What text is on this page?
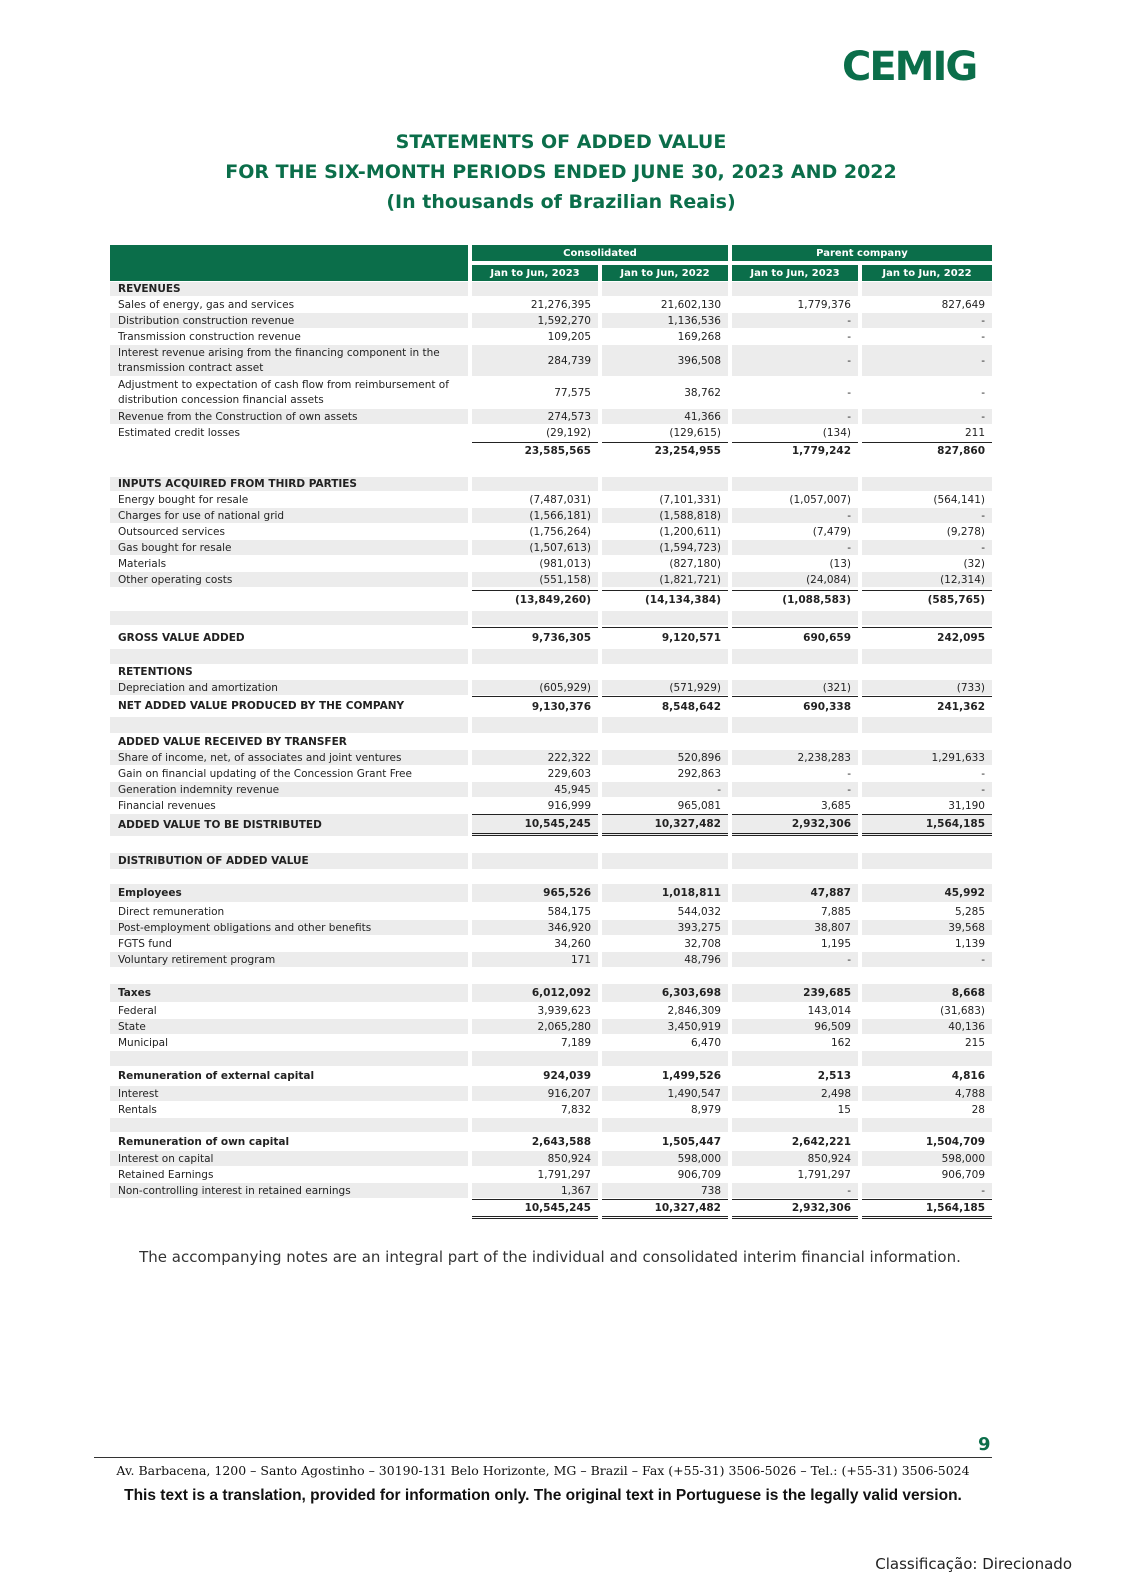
CEMIG
STATEMENTS OF ADDED VALUE
FOR THE SIX-MONTH PERIODS ENDED JUNE 30, 2023 AND 2022
(In thousands of Brazilian Reais)
Consolidated	Parent company
Jan to Jun, 2023	Jan to Jun, 2022	Jan to Jun, 2023	Jan to Jun, 2022
REVENUES
Sales of energy, gas and services	21,276,395	21,602,130	1,779,376	827,649
Distribution construction revenue	1,592,270	1,136,536	-	-
Transmission construction revenue	109,205	169,268	-	-
Interest revenue arising from the financing component in the transmission contract asset
284,739	396,508	-	-
Adjustment to expectation of cash flow from reimbursement of distribution concession financial assets
77,575	38,762	-	-
Revenue from the Construction of own assets	274,573	41,366	-	-
Estimated credit losses	(29,192)	(129,615)	(134)	211
23,585,565	23,254,955	1,779,242	827,860
INPUTS ACQUIRED FROM THIRD PARTIES
Energy bought for resale	(7,487,031)	(7,101,331)	(1,057,007)	(564,141)
Charges for use of national grid	(1,566,181)	(1,588,818)	-	-
Outsourced services	(1,756,264)	(1,200,611)	(7,479)	(9,278)
Gas bought for resale	(1,507,613)	(1,594,723)	-	-
Materials	(981,013)	(827,180)	(13)	(32)
Other operating costs	(551,158)	(1,821,721)	(24,084)	(12,314)
(13,849,260)	(14,134,384)	(1,088,583)	(585,765)
GROSS VALUE ADDED	9,736,305	9,120,571	690,659	242,095
RETENTIONS
Depreciation and amortization	(605,929)	(571,929)	(321)	(733)
NET ADDED VALUE PRODUCED BY THE COMPANY	9,130,376	8,548,642	690,338	241,362
ADDED VALUE RECEIVED BY TRANSFER
Share of income, net, of associates and joint ventures	222,322	520,896	2,238,283	1,291,633
Gain on financial updating of the Concession Grant Free	229,603	292,863	-	-
Generation indemnity revenue	45,945	-	-	-
Financial revenues	916,999	965,081	3,685	31,190
ADDED VALUE TO BE DISTRIBUTED	10,545,245	10,327,482	2,932,306	1,564,185
DISTRIBUTION OF ADDED VALUE
Employees	965,526	1,018,811	47,887	45,992
Direct remuneration	584,175	544,032	7,885	5,285
Post-employment obligations and other benefits	346,920	393,275	38,807	39,568
FGTS fund	34,260	32,708	1,195	1,139
Voluntary retirement program	171	48,796	-	-
Taxes	6,012,092	6,303,698	239,685	8,668
Federal	3,939,623	2,846,309	143,014	(31,683)
State	2,065,280	3,450,919	96,509	40,136
Municipal	7,189	6,470	162	215
Remuneration of external capital	924,039	1,499,526	2,513	4,816
Interest	916,207	1,490,547	2,498	4,788
Rentals	7,832	8,979	15	28
Remuneration of own capital	2,643,588	1,505,447	2,642,221	1,504,709
Interest on capital	850,924	598,000	850,924	598,000
Retained Earnings	1,791,297	906,709	1,791,297	906,709
Non-controlling interest in retained earnings	1,367	738	-	-
10,545,245	10,327,482	2,932,306	1,564,185
The accompanying notes are an integral part of the individual and consolidated interim financial information.
9
Av. Barbacena, 1200 – Santo Agostinho – 30190-131 Belo Horizonte, MG – Brazil – Fax (+55-31) 3506-5026 – Tel.: (+55-31) 3506-5024
This text is a translation, provided for information only. The original text in Portuguese is the legally valid version.
Classificação: Direcionado
